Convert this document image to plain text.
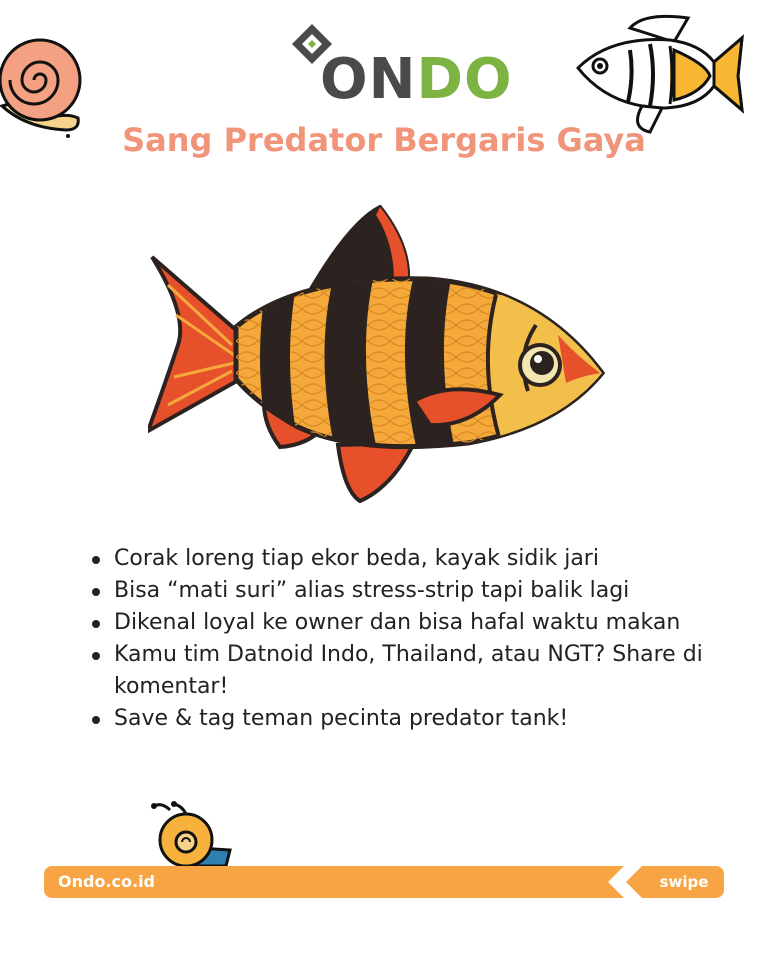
ONDO
Sang Predator Bergaris Gaya
Corak loreng tiap ekor beda, kayak sidik jari
Bisa “mati suri” alias stress-strip tapi balik lagi
Dikenal loyal ke owner dan bisa hafal waktu makan
Kamu tim Datnoid Indo, Thailand, atau NGT? Share di komentar!
Save & tag teman pecinta predator tank!
Ondo.co.id	swipe
